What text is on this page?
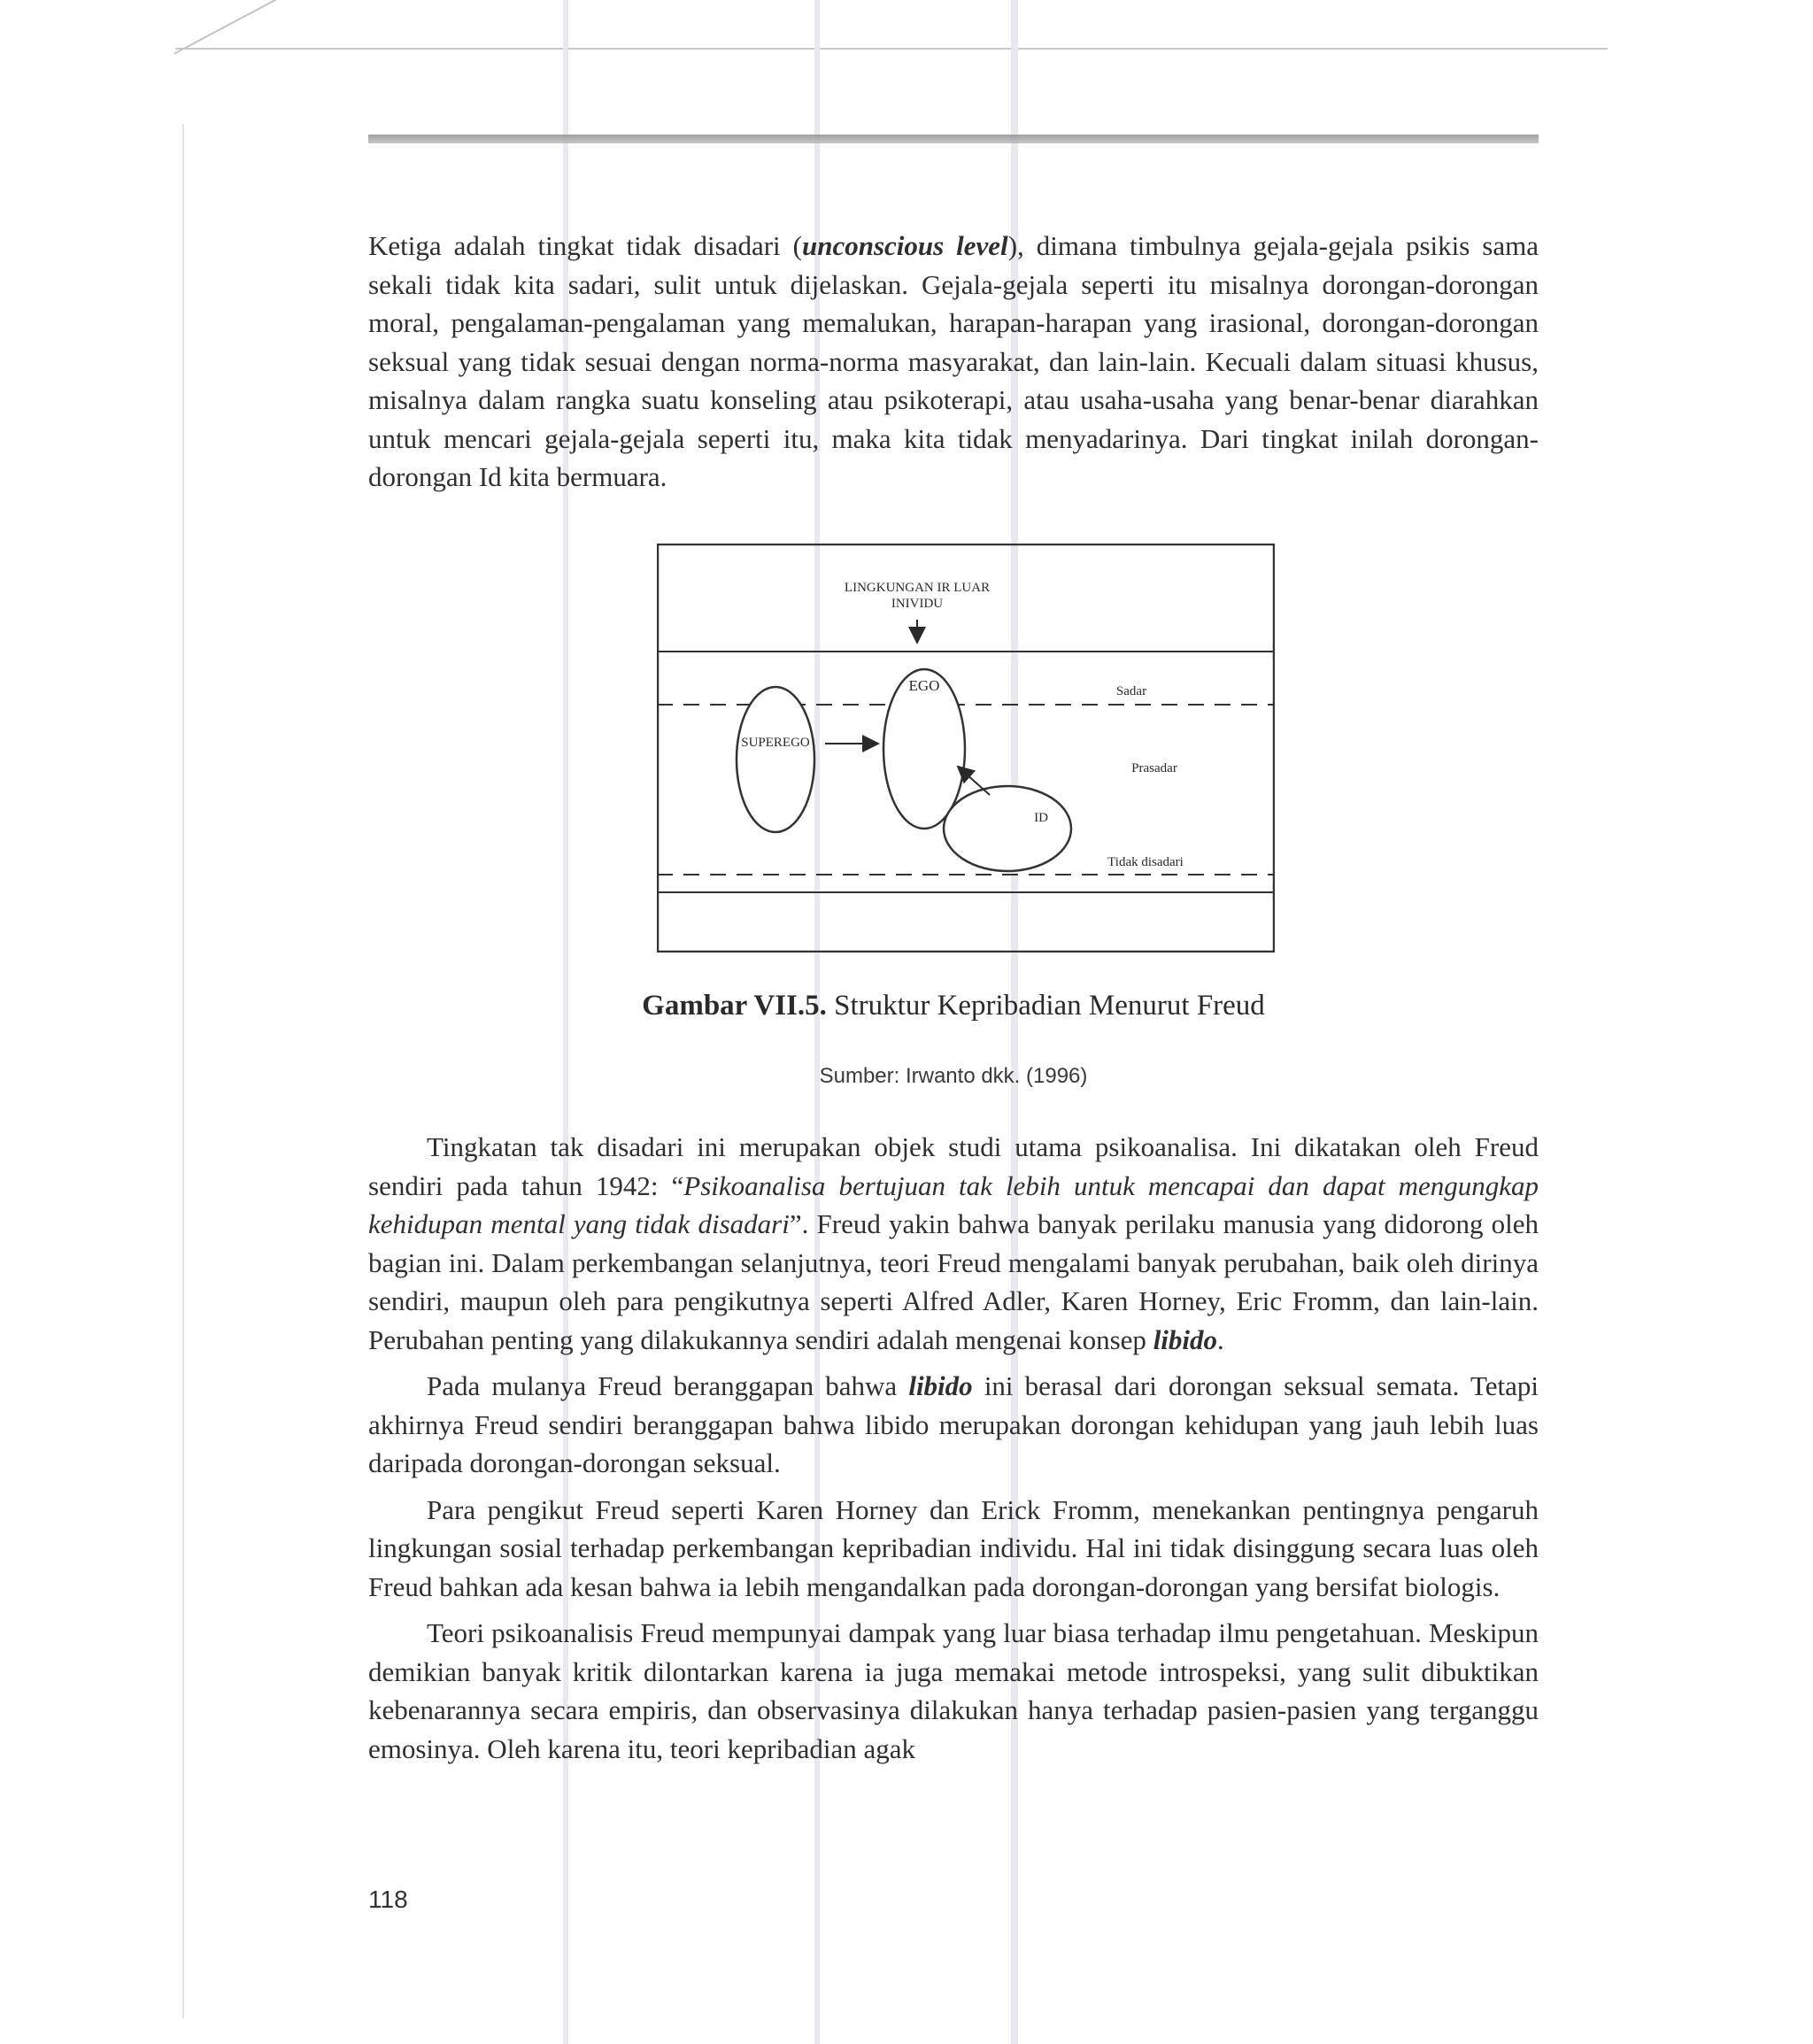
Ketiga adalah tingkat tidak disadari (unconscious level), dimana timbulnya gejala-gejala psikis sama sekali tidak kita sadari, sulit untuk dijelaskan. Gejala-gejala seperti itu misalnya dorongan-dorongan moral, pengalaman-pengalaman yang memalukan, harapan-harapan yang irasional, dorongan-dorongan seksual yang tidak sesuai dengan norma-norma masyarakat, dan lain-lain. Kecuali dalam situasi khusus, misalnya dalam rangka suatu konseling atau psikoterapi, atau usaha-usaha yang benar-benar diarahkan untuk mencari gejala-gejala seperti itu, maka kita tidak menyadarinya. Dari tingkat inilah dorongan-dorongan Id kita bermuara.

LINGKUNGAN IR LUAR
INIVIDU
EGO
SUPEREGO
ID
Sadar
Prasadar
Tidak disadari
Gambar VII.5. Struktur Kepribadian Menurut Freud
Sumber: Irwanto dkk. (1996)

Tingkatan tak disadari ini merupakan objek studi utama psikoanalisa. Ini dikatakan oleh Freud sendiri pada tahun 1942: “Psikoanalisa bertujuan tak lebih untuk mencapai dan dapat mengungkap kehidupan mental yang tidak disadari”. Freud yakin bahwa banyak perilaku manusia yang didorong oleh bagian ini. Dalam perkembangan selanjutnya, teori Freud mengalami banyak perubahan, baik oleh dirinya sendiri, maupun oleh para pengikutnya seperti Alfred Adler, Karen Horney, Eric Fromm, dan lain-lain. Perubahan penting yang dilakukannya sendiri adalah mengenai konsep libido.

Pada mulanya Freud beranggapan bahwa libido ini berasal dari dorongan seksual semata. Tetapi akhirnya Freud sendiri beranggapan bahwa libido merupakan dorongan kehidupan yang jauh lebih luas daripada dorongan-dorongan seksual.

Para pengikut Freud seperti Karen Horney dan Erick Fromm, menekankan pentingnya pengaruh lingkungan sosial terhadap perkembangan kepribadian individu. Hal ini tidak disinggung secara luas oleh Freud bahkan ada kesan bahwa ia lebih mengandalkan pada dorongan-dorongan yang bersifat biologis.

Teori psikoanalisis Freud mempunyai dampak yang luar biasa terhadap ilmu pengetahuan. Meskipun demikian banyak kritik dilontarkan karena ia juga memakai metode introspeksi, yang sulit dibuktikan kebenarannya secara empiris, dan observasinya dilakukan hanya terhadap pasien-pasien yang terganggu emosinya. Oleh karena itu, teori kepribadian agak

118
